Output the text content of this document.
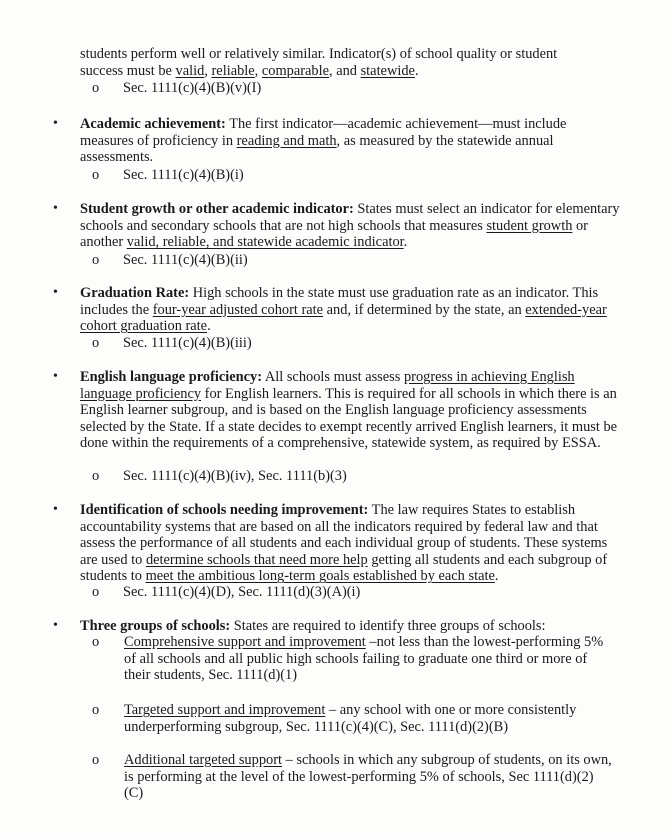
students perform well or relatively similar. Indicator(s) of school quality or student
success must be valid, reliable, comparable, and statewide.
o Sec. 1111(c)(4)(B)(v)(I)
•	Academic achievement: The first indicator—academic achievement—must include measures of proficiency in reading and math, as measured by the statewide annual assessments.
o Sec. 1111(c)(4)(B)(i)
•	Student growth or other academic indicator: States must select an indicator for elementary schools and secondary schools that are not high schools that measures student growth or another valid, reliable, and statewide academic indicator.
o Sec. 1111(c)(4)(B)(ii)
•	Graduation Rate: High schools in the state must use graduation rate as an indicator. This includes the four-year adjusted cohort rate and, if determined by the state, an extended-year cohort graduation rate.
o Sec. 1111(c)(4)(B)(iii)
•	English language proficiency: All schools must assess progress in achieving English language proficiency for English learners. This is required for all schools in which there is an English learner subgroup, and is based on the English language proficiency assessments selected by the State. If a state decides to exempt recently arrived English learners, it must be done within the requirements of a comprehensive, statewide system, as required by ESSA.
o Sec. 1111(c)(4)(B)(iv), Sec. 1111(b)(3)
•	Identification of schools needing improvement: The law requires States to establish accountability systems that are based on all the indicators required by federal law and that assess the performance of all students and each individual group of students. These systems are used to determine schools that need more help getting all students and each subgroup of students to meet the ambitious long-term goals established by each state.
o Sec. 1111(c)(4)(D), Sec. 1111(d)(3)(A)(i)
•	Three groups of schools: States are required to identify three groups of schools:
o Comprehensive support and improvement –not less than the lowest-performing 5% of all schools and all public high schools failing to graduate one third or more of their students, Sec. 1111(d)(1)
o Targeted support and improvement – any school with one or more consistently underperforming subgroup, Sec. 1111(c)(4)(C), Sec. 1111(d)(2)(B)
o Additional targeted support – schools in which any subgroup of students, on its own, is performing at the level of the lowest-performing 5% of schools, Sec 1111(d)(2)(C)
